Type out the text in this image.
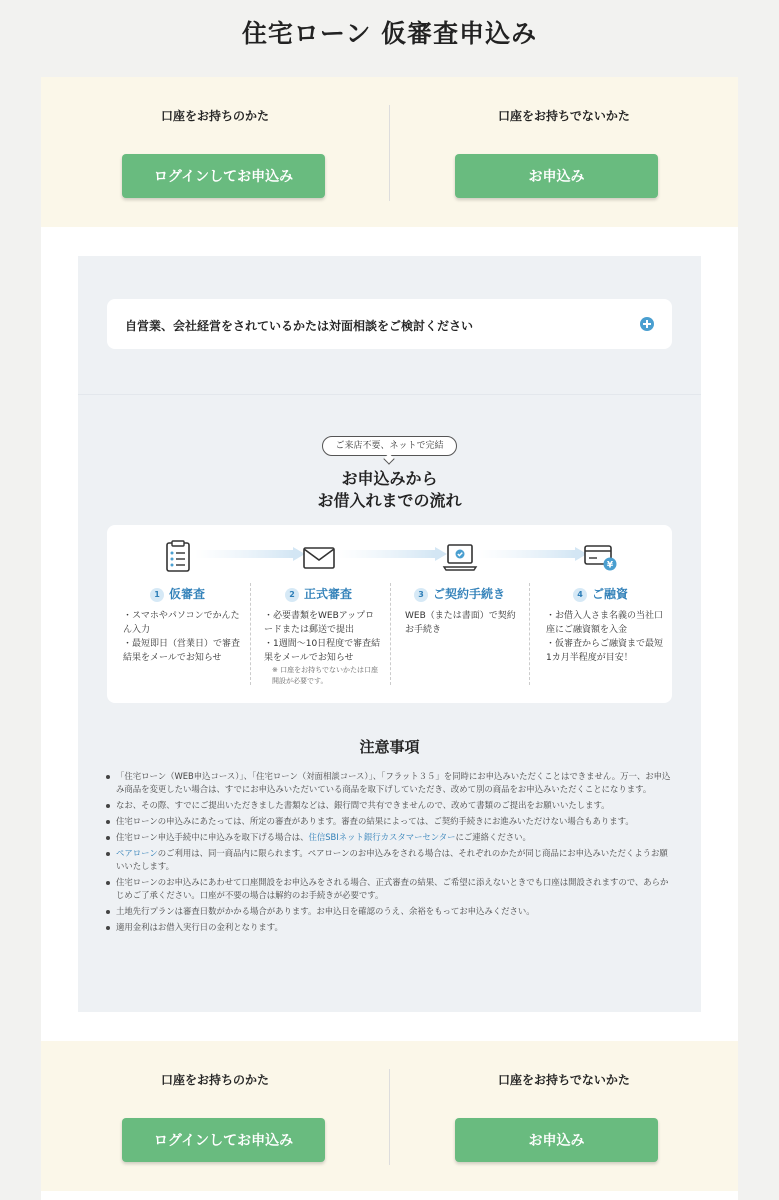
住宅ローン 仮審査申込み
口座をお持ちのかた
ログインしてお申込み
口座をお持ちでないかた
お申込み
自営業、会社経営をされているかたは対面相談をご検討ください
ご来店不要、ネットで完結
お申込みから
お借入れまでの流れ
1 仮審査
・スマホやパソコンでかんたん入力
・最短即日（営業日）で審査結果をメールでお知らせ
2 正式審査
・必要書類をWEBアップロードまたは郵送で提出
・1週間～10日程度で審査結果をメールでお知らせ
※ 口座をお持ちでないかたは口座開設が必要です。
3 ご契約手続き
WEB（または書面）で契約お手続き
¥
4 ご融資
・お借入人さま名義の当社口座にご融資額を入金
・仮審査からご融資まで最短1カ月半程度が目安！
注意事項
「住宅ローン（WEB申込コース）」、「住宅ローン（対面相談コース）」、「フラット３５」を同時にお申込みいただくことはできません。万一、お申込み商品を変更したい場合は、すでにお申込みいただいている商品を取下げしていただき、改めて別の商品をお申込みいただくことになります。
なお、その際、すでにご提出いただきました書類などは、銀行間で共有できませんので、改めて書類のご提出をお願いいたします。
住宅ローンの申込みにあたっては、所定の審査があります。審査の結果によっては、ご契約手続きにお進みいただけない場合もあります。
住宅ローン申込手続中に申込みを取下げる場合は、住信SBIネット銀行カスタマーセンターにご連絡ください。
ペアローンのご利用は、同一商品内に限られます。ペアローンのお申込みをされる場合は、それぞれのかたが同じ商品にお申込みいただくようお願いいたします。
住宅ローンのお申込みにあわせて口座開設をお申込みをされる場合、正式審査の結果、ご希望に添えないときでも口座は開設されますので、あらかじめご了承ください。口座が不要の場合は解約のお手続きが必要です。
土地先行プランは審査日数がかかる場合があります。お申込日を確認のうえ、余裕をもってお申込みください。
適用金利はお借入実行日の金利となります。
口座をお持ちのかた
ログインしてお申込み
口座をお持ちでないかた
お申込み
